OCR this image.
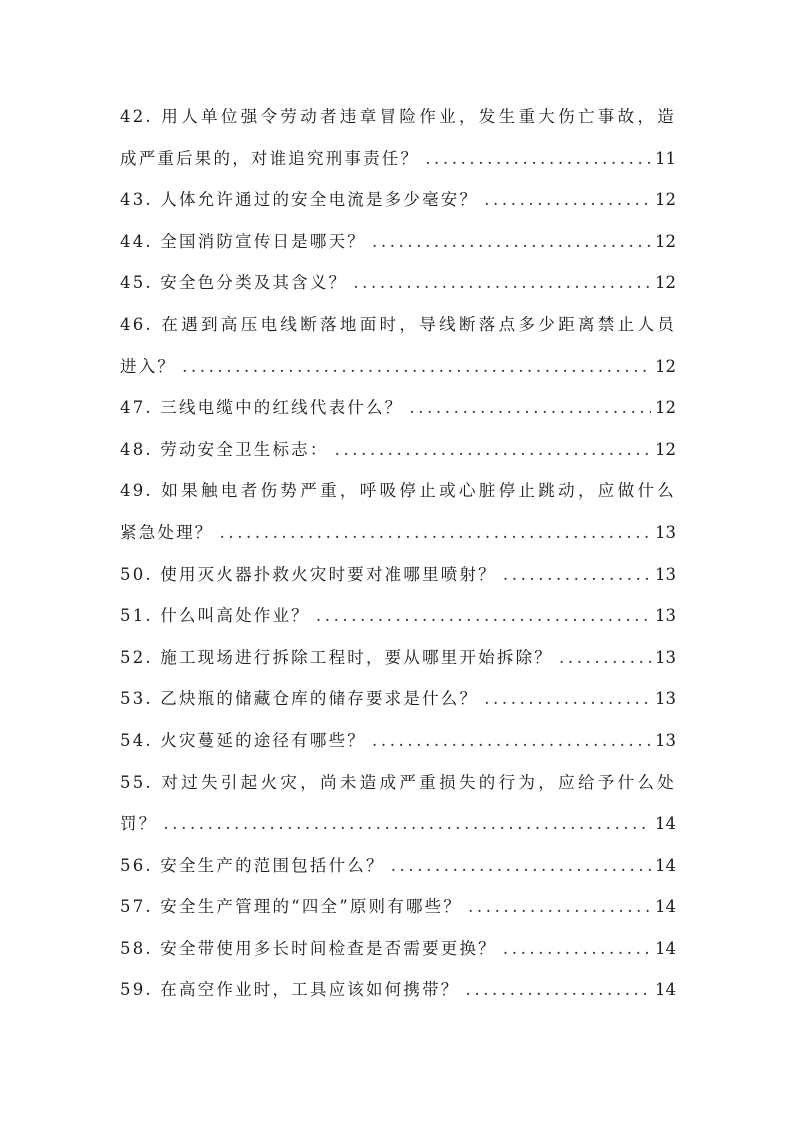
42. 用人单位强令劳动者违章冒险作业，发生重大伤亡事故，造
成严重后果的，对谁追究刑事责任？ .....	11
43. 人体允许通过的安全电流是多少毫安？ .....	12
44. 全国消防宣传日是哪天？ .....	12
45. 安全色分类及其含义？ .....	12
46. 在遇到高压电线断落地面时，导线断落点多少距离禁止人员
进入？ .....	12
47. 三线电缆中的红线代表什么？ .....	12
48. 劳动安全卫生标志： .....	12
49. 如果触电者伤势严重，呼吸停止或心脏停止跳动，应做什么
紧急处理？ .....	13
50. 使用灭火器扑救火灾时要对准哪里喷射？ .....	13
51. 什么叫高处作业？ .....	13
52. 施工现场进行拆除工程时，要从哪里开始拆除？ .....	13
53. 乙炔瓶的储藏仓库的储存要求是什么？ .....	13
54. 火灾蔓延的途径有哪些？ .....	13
55. 对过失引起火灾，尚未造成严重损失的行为，应给予什么处
罚？ .....	14
56. 安全生产的范围包括什么？ .....	14
57. 安全生产管理的“四全”原则有哪些？ .....	14
58. 安全带使用多长时间检查是否需要更换？ .....	14
59. 在高空作业时，工具应该如何携带？ .....	14
